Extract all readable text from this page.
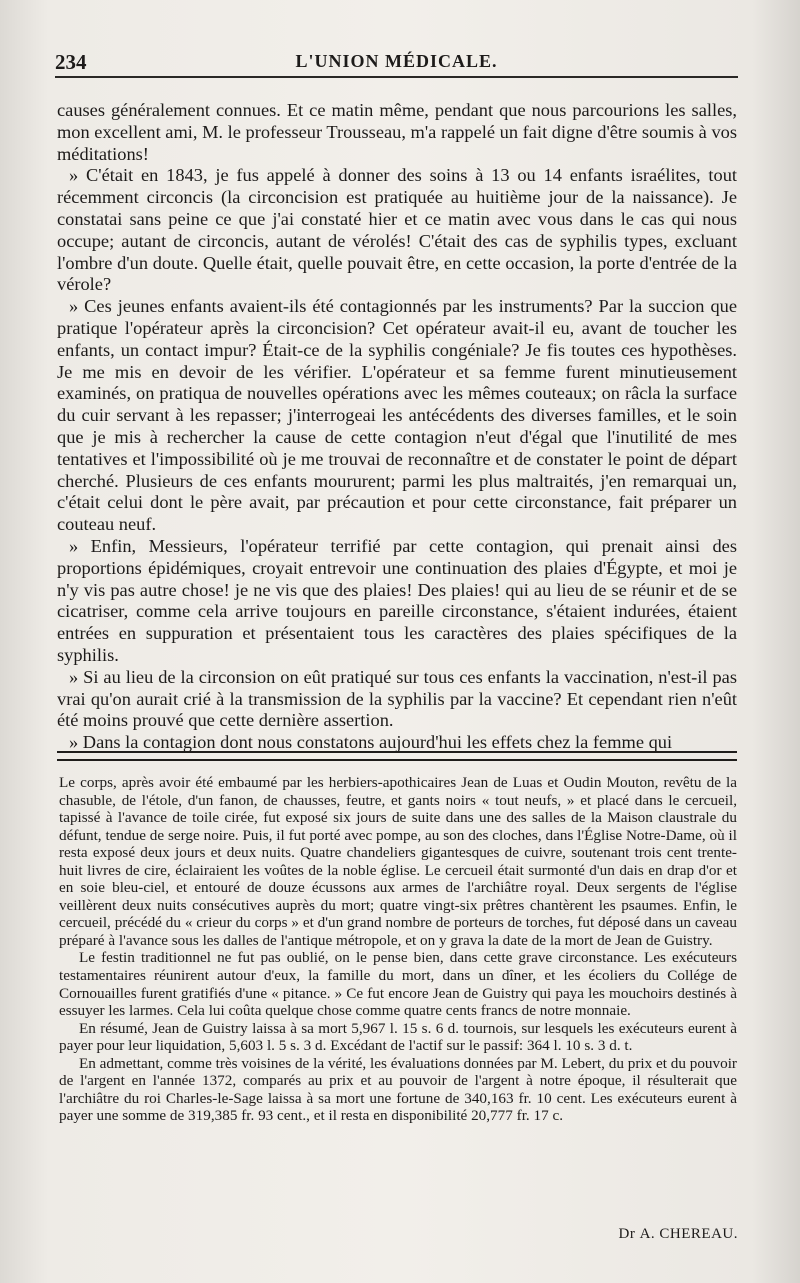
234	L'UNION MÉDICALE.

causes généralement connues. Et ce matin même, pendant que nous parcourions les salles, mon excellent ami, M. le professeur Trousseau, m'a rappelé un fait digne d'être soumis à vos méditations!

» C'était en 1843, je fus appelé à donner des soins à 13 ou 14 enfants israélites, tout récemment circoncis (la circoncision est pratiquée au huitième jour de la naissance). Je constatai sans peine ce que j'ai constaté hier et ce matin avec vous dans le cas qui nous occupe; autant de circoncis, autant de vérolés! C'était des cas de syphilis types, excluant l'ombre d'un doute. Quelle était, quelle pouvait être, en cette occasion, la porte d'entrée de la vérole?

» Ces jeunes enfants avaient-ils été contagionnés par les instruments? Par la succion que pratique l'opérateur après la circoncision? Cet opérateur avait-il eu, avant de toucher les enfants, un contact impur? Était-ce de la syphilis congéniale? Je fis toutes ces hypothèses. Je me mis en devoir de les vérifier. L'opérateur et sa femme furent minutieusement examinés, on pratiqua de nouvelles opérations avec les mêmes couteaux; on râcla la surface du cuir servant à les repasser; j'interrogeai les antécédents des diverses familles, et le soin que je mis à rechercher la cause de cette contagion n'eut d'égal que l'inutilité de mes tentatives et l'impossibilité où je me trouvai de reconnaître et de constater le point de départ cherché. Plusieurs de ces enfants moururent; parmi les plus maltraités, j'en remarquai un, c'était celui dont le père avait, par précaution et pour cette circonstance, fait préparer un couteau neuf.

» Enfin, Messieurs, l'opérateur terrifié par cette contagion, qui prenait ainsi des proportions épidémiques, croyait entrevoir une continuation des plaies d'Égypte, et moi je n'y vis pas autre chose! je ne vis que des plaies! Des plaies! qui au lieu de se réunir et de se cicatriser, comme cela arrive toujours en pareille circonstance, s'étaient indurées, étaient entrées en suppuration et présentaient tous les caractères des plaies spécifiques de la syphilis.

» Si au lieu de la circonsion on eût pratiqué sur tous ces enfants la vaccination, n'est-il pas vrai qu'on aurait crié à la transmission de la syphilis par la vaccine? Et cependant rien n'eût été moins prouvé que cette dernière assertion.

» Dans la contagion dont nous constatons aujourd'hui les effets chez la femme qui

Le corps, après avoir été embaumé par les herbiers-apothicaires Jean de Luas et Oudin Mouton, revêtu de la chasuble, de l'étole, d'un fanon, de chausses, feutre, et gants noirs « tout neufs, » et placé dans le cercueil, tapissé à l'avance de toile cirée, fut exposé six jours de suite dans une des salles de la Maison claustrale du défunt, tendue de serge noire. Puis, il fut porté avec pompe, au son des cloches, dans l'Église Notre-Dame, où il resta exposé deux jours et deux nuits. Quatre chandeliers gigantesques de cuivre, soutenant trois cent trente-huit livres de cire, éclairaient les voûtes de la noble église. Le cercueil était surmonté d'un dais en drap d'or et en soie bleu-ciel, et entouré de douze écussons aux armes de l'archiâtre royal. Deux sergents de l'église veillèrent deux nuits consécutives auprès du mort; quatre vingt-six prêtres chantèrent les psaumes. Enfin, le cercueil, précédé du « crieur du corps » et d'un grand nombre de porteurs de torches, fut déposé dans un caveau préparé à l'avance sous les dalles de l'antique métropole, et on y grava la date de la mort de Jean de Guistry.

Le festin traditionnel ne fut pas oublié, on le pense bien, dans cette grave circonstance. Les exécuteurs testamentaires réunirent autour d'eux, la famille du mort, dans un dîner, et les écoliers du Collége de Cornouailles furent gratifiés d'une « pitance. » Ce fut encore Jean de Guistry qui paya les mouchoirs destinés à essuyer les larmes. Cela lui coûta quelque chose comme quatre cents francs de notre monnaie.

En résumé, Jean de Guistry laissa à sa mort 5,967 l. 15 s. 6 d. tournois, sur lesquels les exécuteurs eurent à payer pour leur liquidation, 5,603 l. 5 s. 3 d. Excédant de l'actif sur le passif: 364 l. 10 s. 3 d. t.

En admettant, comme très voisines de la vérité, les évaluations données par M. Lebert, du prix et du pouvoir de l'argent en l'année 1372, comparés au prix et au pouvoir de l'argent à notre époque, il résulterait que l'archiâtre du roi Charles-le-Sage laissa à sa mort une fortune de 340,163 fr. 10 cent. Les exécuteurs eurent à payer une somme de 319,385 fr. 93 cent., et il resta en disponibilité 20,777 fr. 17 c.

Dr A. CHEREAU.
